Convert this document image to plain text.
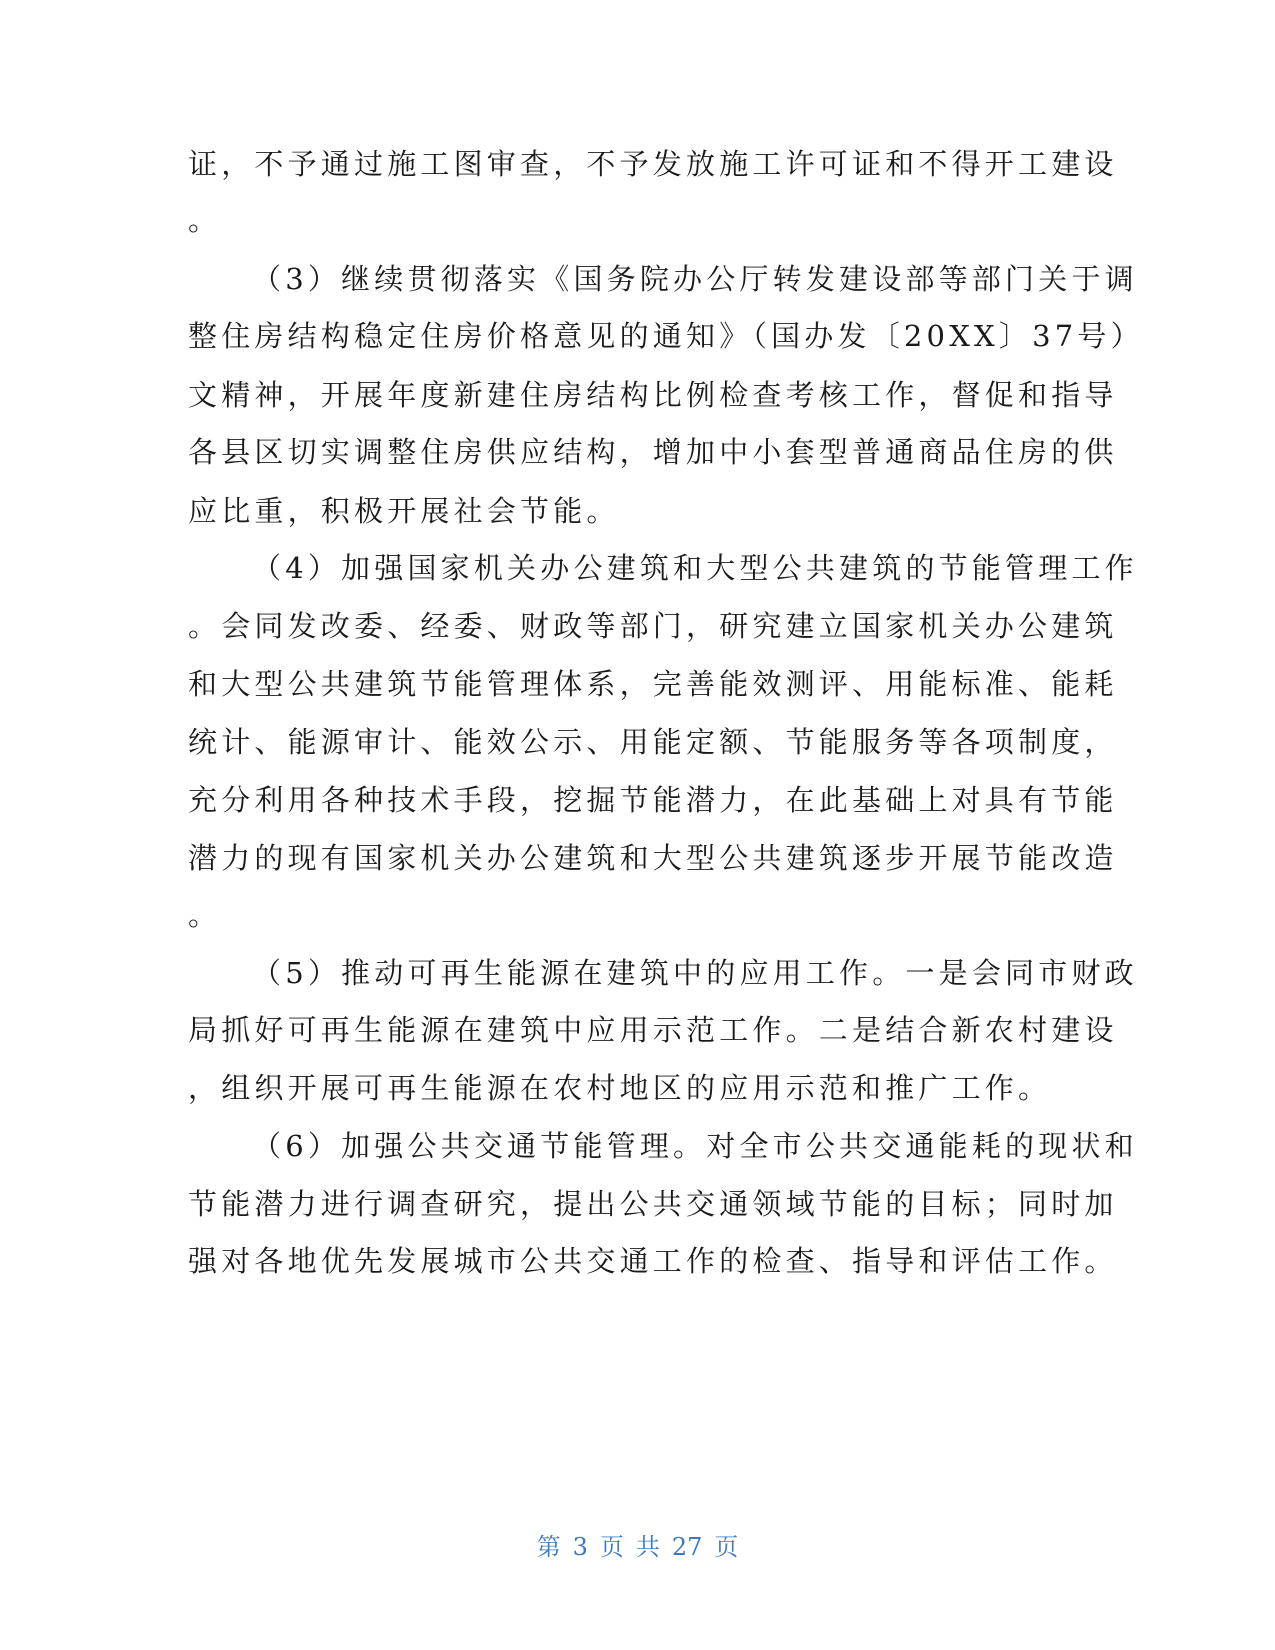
证，不予通过施工图审查，不予发放施工许可证和不得开工建设

。

（3）继续贯彻落实《国务院办公厅转发建设部等部门关于调

整住房结构稳定住房价格意见的通知》（国办发〔20XX〕37号）

文精神，开展年度新建住房结构比例检查考核工作，督促和指导

各县区切实调整住房供应结构，增加中小套型普通商品住房的供

应比重，积极开展社会节能。

（4）加强国家机关办公建筑和大型公共建筑的节能管理工作

。会同发改委、经委、财政等部门，研究建立国家机关办公建筑

和大型公共建筑节能管理体系，完善能效测评、用能标准、能耗

统计、能源审计、能效公示、用能定额、节能服务等各项制度，

充分利用各种技术手段，挖掘节能潜力，在此基础上对具有节能

潜力的现有国家机关办公建筑和大型公共建筑逐步开展节能改造

。

（5）推动可再生能源在建筑中的应用工作。一是会同市财政

局抓好可再生能源在建筑中应用示范工作。二是结合新农村建设

，组织开展可再生能源在农村地区的应用示范和推广工作。

（6）加强公共交通节能管理。对全市公共交通能耗的现状和

节能潜力进行调查研究，提出公共交通领域节能的目标；同时加

强对各地优先发展城市公共交通工作的检查、指导和评估工作。

第 3 页 共 27 页
